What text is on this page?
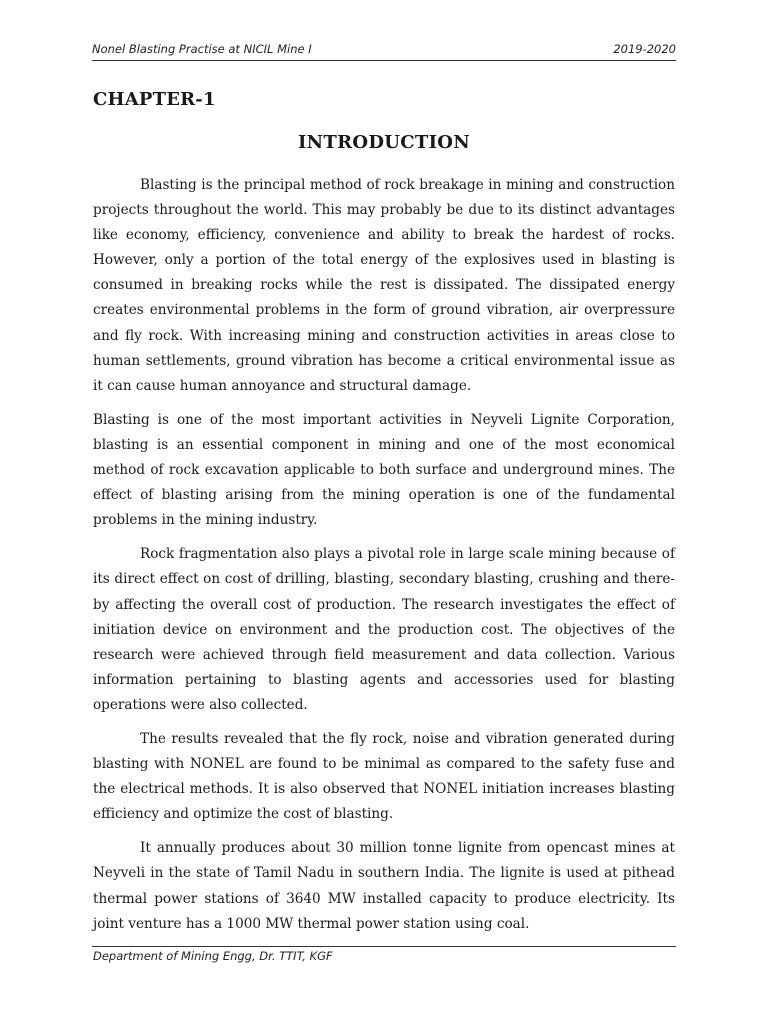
Nonel Blasting Practise at NICIL Mine I	2019-2020
CHAPTER-1
INTRODUCTION

Blasting is the principal method of rock breakage in mining and construction projects throughout the world. This may probably be due to its distinct advantages like economy, efficiency, convenience and ability to break the hardest of rocks. However, only a portion of the total energy of the explosives used in blasting is consumed in breaking rocks while the rest is dissipated. The dissipated energy creates environmental problems in the form of ground vibration, air overpressure and fly rock. With increasing mining and construction activities in areas close to human settlements, ground vibration has become a critical environmental issue as it can cause human annoyance and structural damage.

Blasting is one of the most important activities in Neyveli Lignite Corporation, blasting is an essential component in mining and one of the most economical method of rock excavation applicable to both surface and underground mines. The effect of blasting arising from the mining operation is one of the fundamental problems in the mining industry.

Rock fragmentation also plays a pivotal role in large scale mining because of its direct effect on cost of drilling, blasting, secondary blasting, crushing and there-by affecting the overall cost of production. The research investigates the effect of initiation device on environment and the production cost. The objectives of the research were achieved through field measurement and data collection. Various information pertaining to blasting agents and accessories used for blasting operations were also collected.

The results revealed that the fly rock, noise and vibration generated during blasting with NONEL are found to be minimal as compared to the safety fuse and the electrical methods. It is also observed that NONEL initiation increases blasting efficiency and optimize the cost of blasting.

It annually produces about 30 million tonne lignite from opencast mines at Neyveli in the state of Tamil Nadu in southern India. The lignite is used at pithead thermal power stations of 3640 MW installed capacity to produce electricity. Its joint venture has a 1000 MW thermal power station using coal.

Department of Mining Engg, Dr. TTIT, KGF
